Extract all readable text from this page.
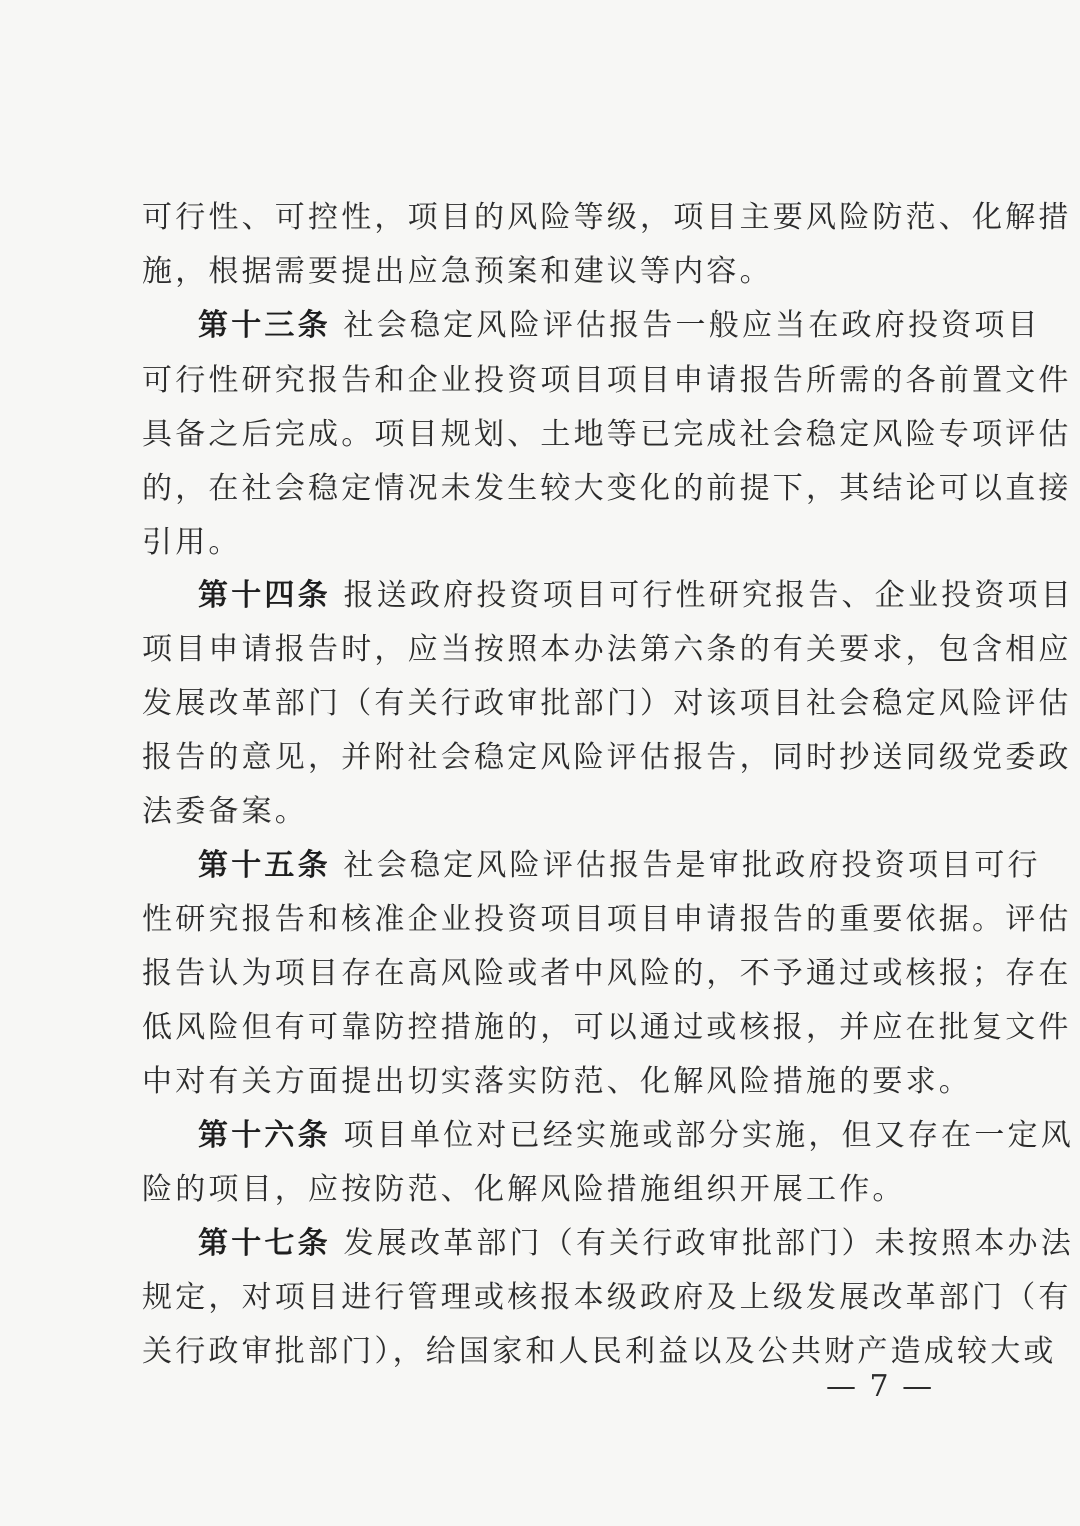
可行性、可控性，项目的风险等级，项目主要风险防范、化解措
施，根据需要提出应急预案和建议等内容。
第十三条 社会稳定风险评估报告一般应当在政府投资项目
可行性研究报告和企业投资项目项目申请报告所需的各前置文件
具备之后完成。项目规划、土地等已完成社会稳定风险专项评估
的，在社会稳定情况未发生较大变化的前提下，其结论可以直接
引用。
第十四条 报送政府投资项目可行性研究报告、企业投资项目
项目申请报告时，应当按照本办法第六条的有关要求，包含相应
发展改革部门（有关行政审批部门）对该项目社会稳定风险评估
报告的意见，并附社会稳定风险评估报告，同时抄送同级党委政
法委备案。
第十五条 社会稳定风险评估报告是审批政府投资项目可行
性研究报告和核准企业投资项目项目申请报告的重要依据。评估
报告认为项目存在高风险或者中风险的，不予通过或核报；存在
低风险但有可靠防控措施的，可以通过或核报，并应在批复文件
中对有关方面提出切实落实防范、化解风险措施的要求。
第十六条 项目单位对已经实施或部分实施，但又存在一定风
险的项目，应按防范、化解风险措施组织开展工作。
第十七条 发展改革部门（有关行政审批部门）未按照本办法
规定，对项目进行管理或核报本级政府及上级发展改革部门（有
关行政审批部门），给国家和人民利益以及公共财产造成较大或
— 7 —
